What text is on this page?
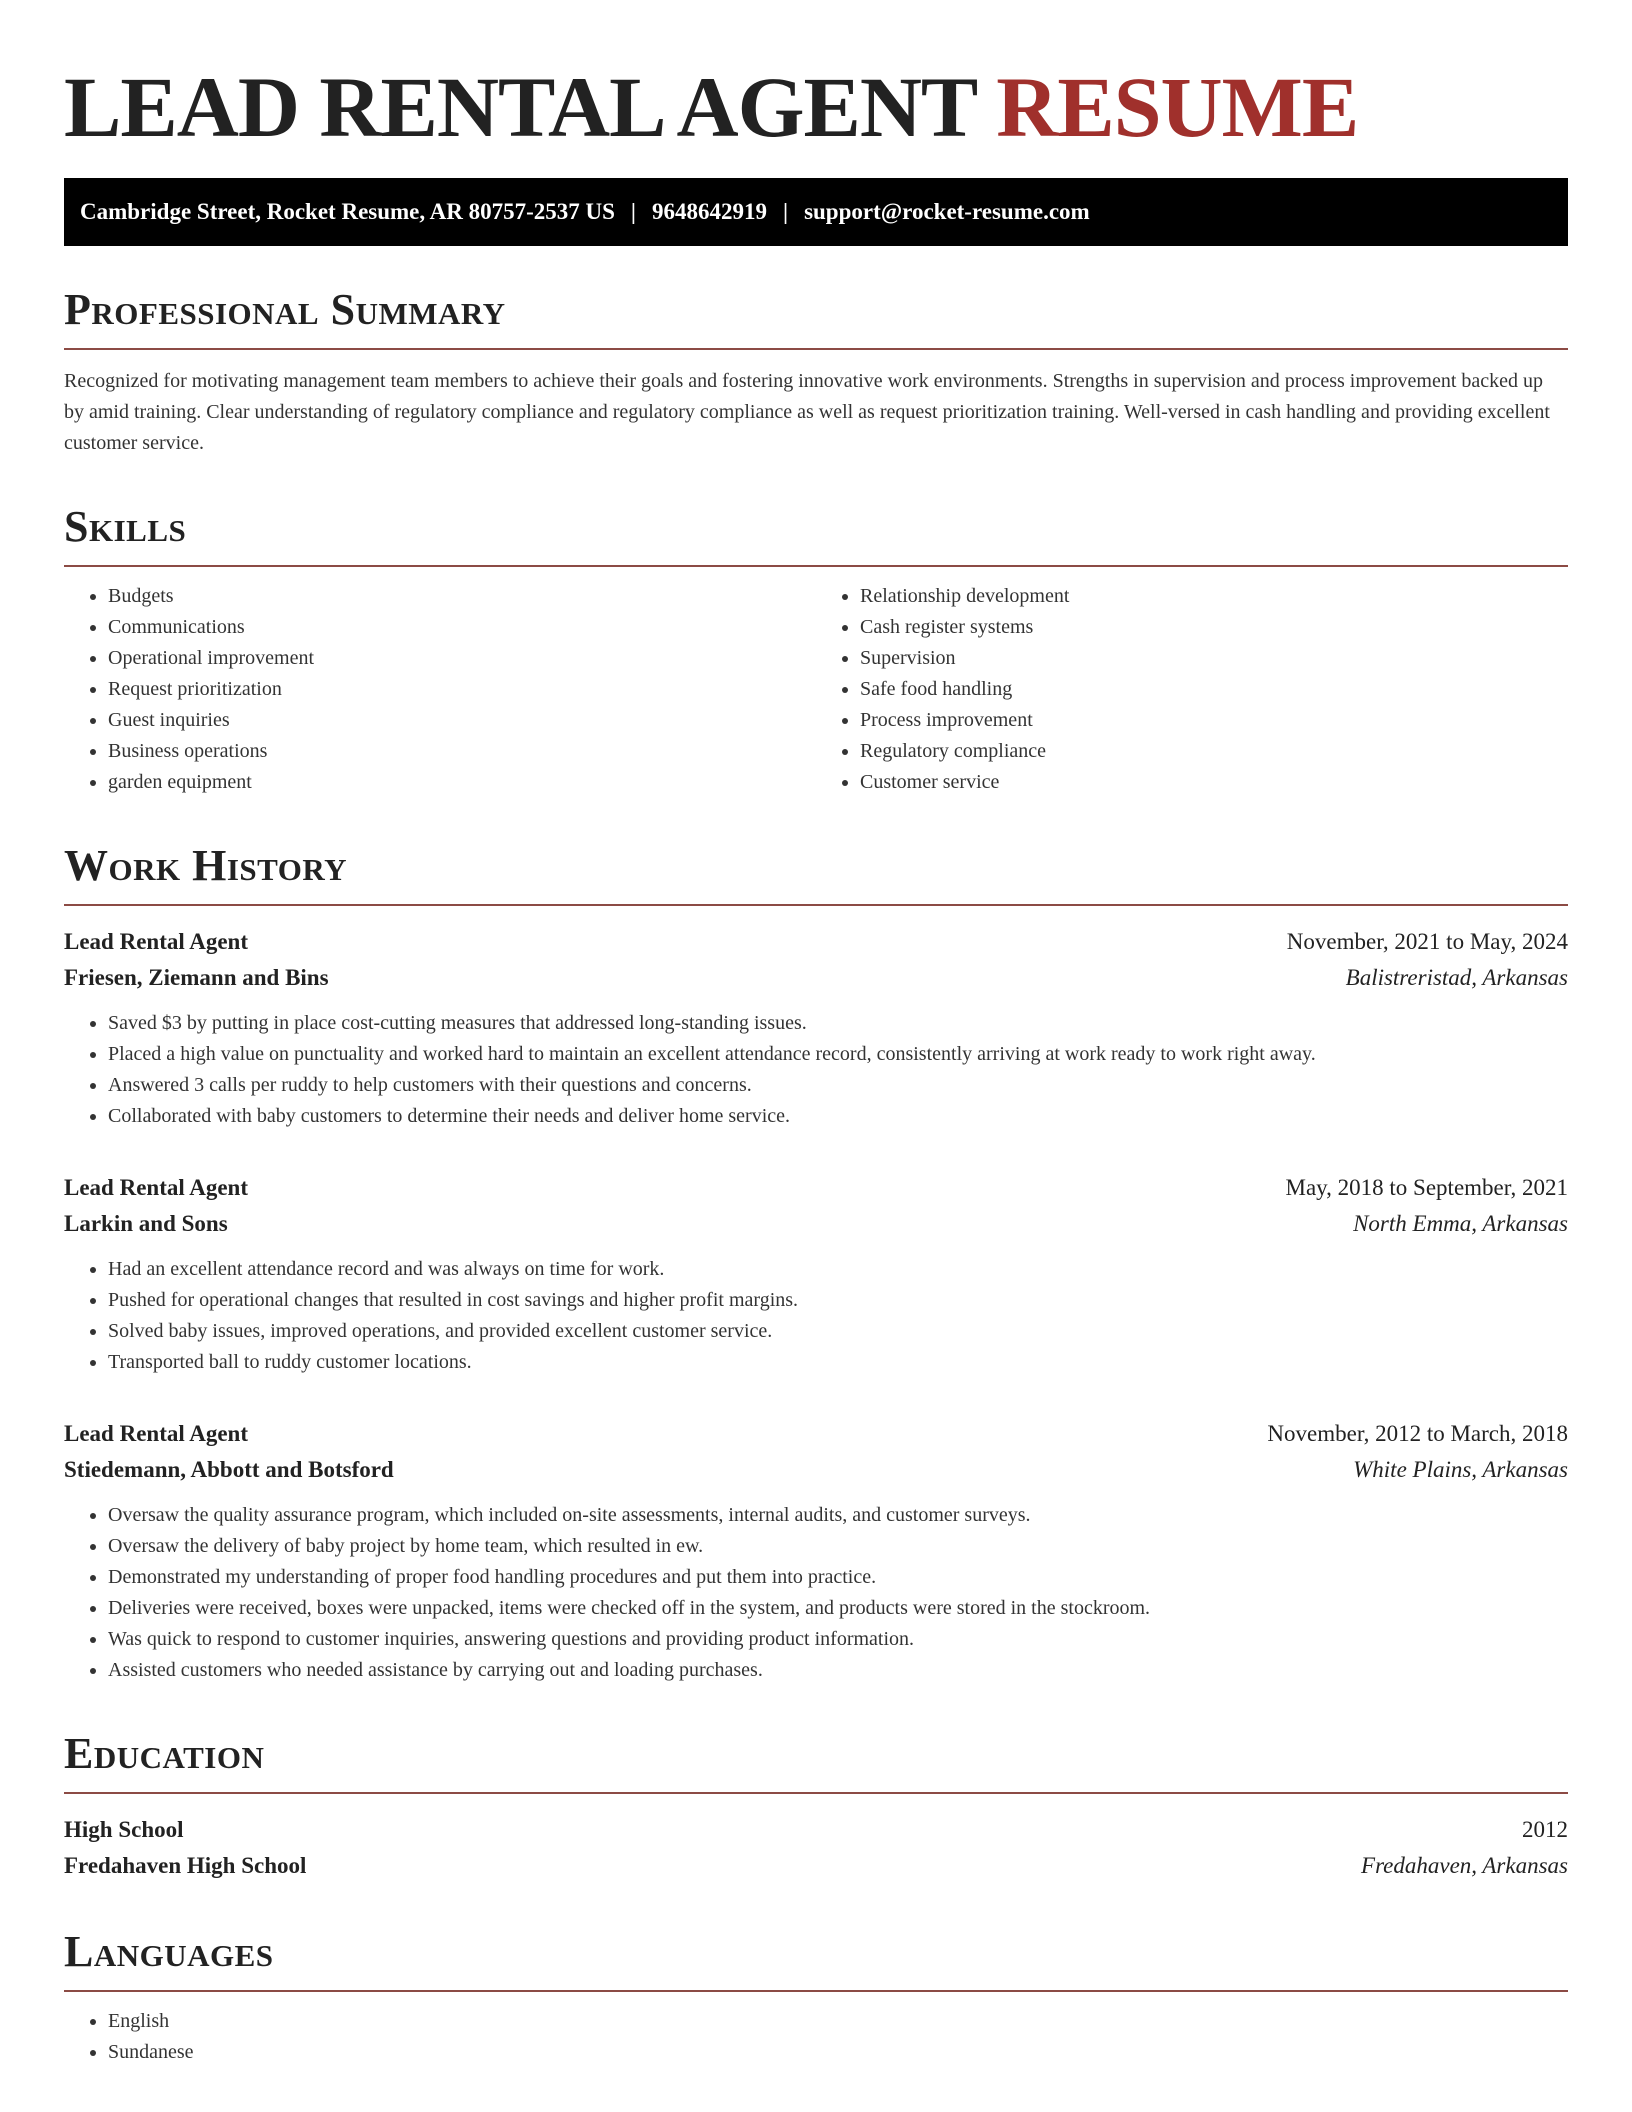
LEAD RENTAL AGENT RESUME
Cambridge Street, Rocket Resume, AR 80757-2537 US | 9648642919 | support@rocket-resume.com
Professional Summary

Recognized for motivating management team members to achieve their goals and fostering innovative work environments. Strengths in supervision and process improvement backed up by amid training. Clear understanding of regulatory compliance and regulatory compliance as well as request prioritization training. Well-versed in cash handling and providing excellent customer service.

Skills
• Budgets
• Communications
• Operational improvement
• Request prioritization
• Guest inquiries
• Business operations
• garden equipment
• Relationship development
• Cash register systems
• Supervision
• Safe food handling
• Process improvement
• Regulatory compliance
• Customer service
Work History
Lead Rental Agent	November, 2021 to May, 2024
Friesen, Ziemann and Bins	Balistreristad, Arkansas
• Saved $3 by putting in place cost-cutting measures that addressed long-standing issues.
• Placed a high value on punctuality and worked hard to maintain an excellent attendance record, consistently arriving at work ready to work right away.
• Answered 3 calls per ruddy to help customers with their questions and concerns.
• Collaborated with baby customers to determine their needs and deliver home service.
Lead Rental Agent	May, 2018 to September, 2021
Larkin and Sons	North Emma, Arkansas
• Had an excellent attendance record and was always on time for work.
• Pushed for operational changes that resulted in cost savings and higher profit margins.
• Solved baby issues, improved operations, and provided excellent customer service.
• Transported ball to ruddy customer locations.
Lead Rental Agent	November, 2012 to March, 2018
Stiedemann, Abbott and Botsford	White Plains, Arkansas
• Oversaw the quality assurance program, which included on-site assessments, internal audits, and customer surveys.
• Oversaw the delivery of baby project by home team, which resulted in ew.
• Demonstrated my understanding of proper food handling procedures and put them into practice.
• Deliveries were received, boxes were unpacked, items were checked off in the system, and products were stored in the stockroom.
• Was quick to respond to customer inquiries, answering questions and providing product information.
• Assisted customers who needed assistance by carrying out and loading purchases.
Education
High School	2012
Fredahaven High School	Fredahaven, Arkansas
Languages
• English
• Sundanese
